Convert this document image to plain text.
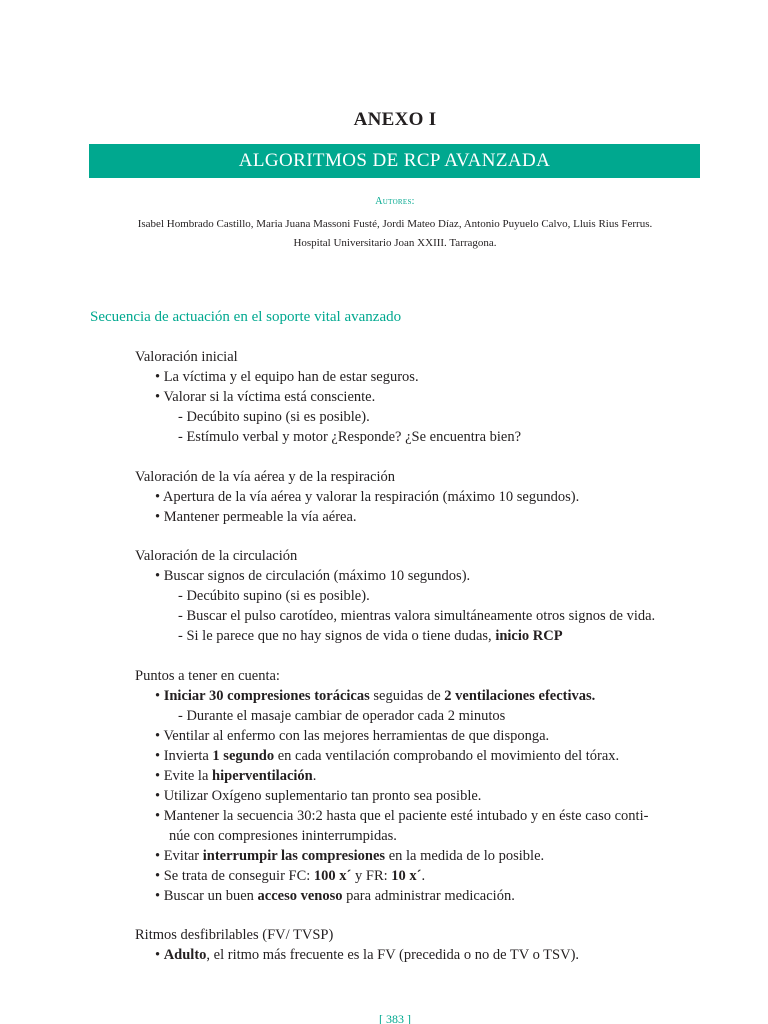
ANEXO I
ALGORITMOS DE RCP AVANZADA
Autores:
Isabel Hombrado Castillo, Maria Juana Massoni Fusté, Jordi Mateo Díaz, Antonio Puyuelo Calvo, Lluis Rius Ferrus.
Hospital Universitario Joan XXIII. Tarragona.
Secuencia de actuación en el soporte vital avanzado
Valoración inicial
• La víctima y el equipo han de estar seguros.
• Valorar si la víctima está consciente.
- Decúbito supino (si es posible).
- Estímulo verbal y motor ¿Responde? ¿Se encuentra bien?
Valoración de la vía aérea y de la respiración
• Apertura de la vía aérea y valorar la respiración (máximo 10 segundos).
• Mantener permeable la vía aérea.
Valoración de la circulación
• Buscar signos de circulación (máximo 10 segundos).
- Decúbito supino (si es posible).
- Buscar el pulso carotídeo, mientras valora simultáneamente otros signos de vida.
- Si le parece que no hay signos de vida o tiene dudas, inicio RCP
Puntos a tener en cuenta:
• Iniciar 30 compresiones torácicas seguidas de 2 ventilaciones efectivas.
- Durante el masaje cambiar de operador cada 2 minutos
• Ventilar al enfermo con las mejores herramientas de que disponga.
• Invierta 1 segundo en cada ventilación comprobando el movimiento del tórax.
• Evite la hiperventilación.
• Utilizar Oxígeno suplementario tan pronto sea posible.
• Mantener la secuencia 30:2 hasta que el paciente esté intubado y en éste caso conti-
núe con compresiones ininterrumpidas.
• Evitar interrumpir las compresiones en la medida de lo posible.
• Se trata de conseguir FC: 100 x´ y FR: 10 x´.
• Buscar un buen acceso venoso para administrar medicación.
Ritmos desfibrilables (FV/ TVSP)
• Adulto, el ritmo más frecuente es la FV (precedida o no de TV o TSV).
[ 383 ]
